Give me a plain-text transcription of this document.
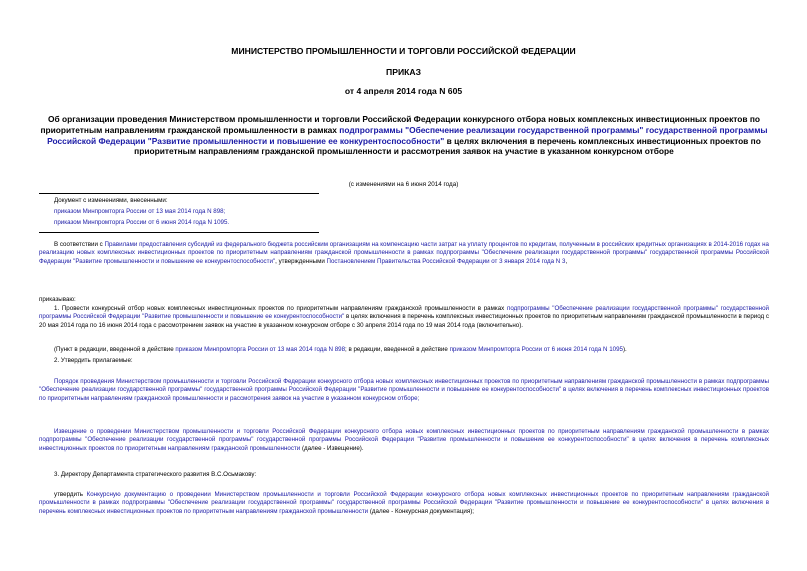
МИНИСТЕРСТВО ПРОМЫШЛЕННОСТИ И ТОРГОВЛИ РОССИЙСКОЙ ФЕДЕРАЦИИ
ПРИКАЗ
от 4 апреля 2014 года N 605
Об организации проведения Министерством промышленности и торговли Российской Федерации конкурсного отбора новых комплексных инвестиционных проектов по приоритетным направлениям гражданской промышленности в рамках подпрограммы "Обеспечение реализации государственной программы" государственной программы Российской Федерации "Развитие промышленности и повышение ее конкурентоспособности" в целях включения в перечень комплексных инвестиционных проектов по приоритетным направлениям гражданской промышленности и рассмотрения заявок на участие в указанном конкурсном отборе
(с изменениями на 6 июня 2014 года)
Документ с изменениями, внесенными:
приказом Минпромторга России от 13 мая 2014 года N 898;
приказом Минпромторга России от 6 июня 2014 года N 1095.
В соответствии с Правилами предоставления субсидий из федерального бюджета российским организациям на компенсацию части затрат на уплату процентов по кредитам, полученным в российских кредитных организациях в 2014-2016 годах на реализацию новых комплексных инвестиционных проектов по приоритетным направлениям гражданской промышленности в рамках подпрограммы "Обеспечение реализации государственной программы" государственной программы Российской Федерации "Развитие промышленности и повышение ее конкурентоспособности", утвержденными Постановлением Правительства Российской Федерации от 3 января 2014 года N 3,
приказываю:
1. Провести конкурсный отбор новых комплексных инвестиционных проектов по приоритетным направлениям гражданской промышленности в рамках подпрограммы "Обеспечение реализации государственной программы" государственной программы Российской Федерации "Развитие промышленности и повышение ее конкурентоспособности" в целях включения в перечень комплексных инвестиционных проектов по приоритетным направлениям гражданской промышленности в период с 20 мая 2014 года по 16 июня 2014 года с рассмотрением заявок на участие в указанном конкурсном отборе с 30 апреля 2014 года по 19 мая 2014 года (включительно).
(Пункт в редакции, введенной в действие приказом Минпромторга России от 13 мая 2014 года N 898; в редакции, введенной в действие приказом Минпромторга России от 6 июня 2014 года N 1095).
2. Утвердить прилагаемые:
Порядок проведения Министерством промышленности и торговли Российской Федерации конкурсного отбора новых комплексных инвестиционных проектов по приоритетным направлениям гражданской промышленности в рамках подпрограммы "Обеспечение реализации государственной программы" государственной программы Российской Федерации "Развитие промышленности и повышение ее конкурентоспособности" в целях включения в перечень комплексных инвестиционных проектов по приоритетным направлениям гражданской промышленности и рассмотрения заявок на участие в указанном конкурсном отборе;
Извещение о проведении Министерством промышленности и торговли Российской Федерации конкурсного отбора новых комплексных инвестиционных проектов по приоритетным направлениям гражданской промышленности в рамках подпрограммы "Обеспечение реализации государственной программы" государственной программы Российской Федерации "Развитие промышленности и повышение ее конкурентоспособности" в целях включения в перечень комплексных инвестиционных проектов по приоритетным направлениям гражданской промышленности (далее - Извещение).
3. Директору Департамента стратегического развития В.С.Осьмакову:
утвердить Конкурсную документацию о проведении Министерством промышленности и торговли Российской Федерации конкурсного отбора новых комплексных инвестиционных проектов по приоритетным направлениям гражданской промышленности в рамках подпрограммы "Обеспечение реализации государственной программы" государственной программы Российской Федерации "Развитие промышленности и повышение ее конкурентоспособности" в целях включения в перечень комплексных инвестиционных проектов по приоритетным направлениям гражданской промышленности (далее - Конкурсная документация);
